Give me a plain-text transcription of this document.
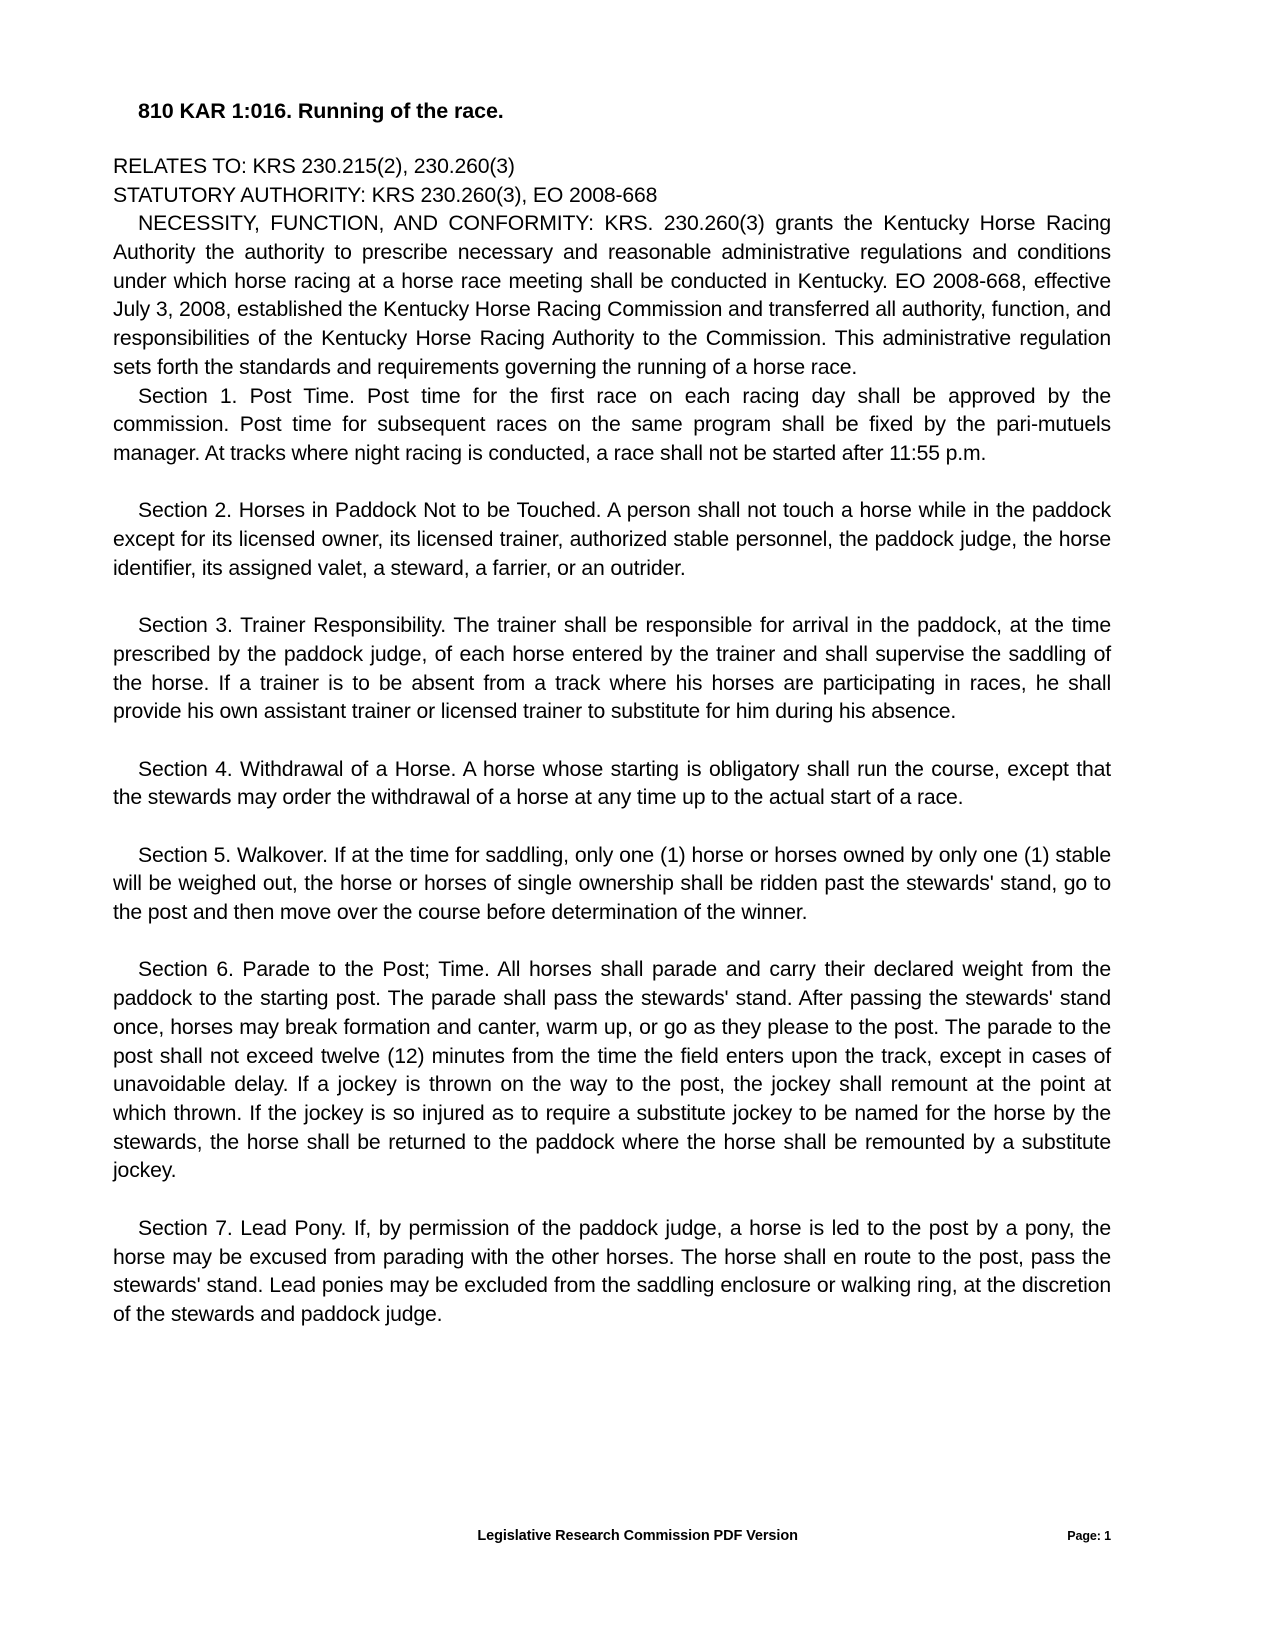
810 KAR 1:016. Running of the race.
RELATES TO: KRS 230.215(2), 230.260(3)
STATUTORY AUTHORITY: KRS 230.260(3), EO 2008-668
NECESSITY, FUNCTION, AND CONFORMITY: KRS. 230.260(3) grants the Kentucky Horse Racing Authority the authority to prescribe necessary and reasonable administrative regulations and conditions under which horse racing at a horse race meeting shall be conducted in Kentucky. EO 2008-668, effective July 3, 2008, established the Kentucky Horse Racing Commission and transferred all authority, function, and responsibilities of the Kentucky Horse Racing Authority to the Commission. This administrative regulation sets forth the standards and requirements governing the running of a horse race.

Section 1. Post Time. Post time for the first race on each racing day shall be approved by the commission. Post time for subsequent races on the same program shall be fixed by the pari-mutuels manager. At tracks where night racing is conducted, a race shall not be started after 11:55 p.m.

Section 2. Horses in Paddock Not to be Touched. A person shall not touch a horse while in the paddock except for its licensed owner, its licensed trainer, authorized stable personnel, the paddock judge, the horse identifier, its assigned valet, a steward, a farrier, or an outrider.

Section 3. Trainer Responsibility. The trainer shall be responsible for arrival in the paddock, at the time prescribed by the paddock judge, of each horse entered by the trainer and shall supervise the saddling of the horse. If a trainer is to be absent from a track where his horses are participating in races, he shall provide his own assistant trainer or licensed trainer to substitute for him during his absence.

Section 4. Withdrawal of a Horse. A horse whose starting is obligatory shall run the course, except that the stewards may order the withdrawal of a horse at any time up to the actual start of a race.

Section 5. Walkover. If at the time for saddling, only one (1) horse or horses owned by only one (1) stable will be weighed out, the horse or horses of single ownership shall be ridden past the stewards' stand, go to the post and then move over the course before determination of the winner.

Section 6. Parade to the Post; Time. All horses shall parade and carry their declared weight from the paddock to the starting post. The parade shall pass the stewards' stand. After passing the stewards' stand once, horses may break formation and canter, warm up, or go as they please to the post. The parade to the post shall not exceed twelve (12) minutes from the time the field enters upon the track, except in cases of unavoidable delay. If a jockey is thrown on the way to the post, the jockey shall remount at the point at which thrown. If the jockey is so injured as to require a substitute jockey to be named for the horse by the stewards, the horse shall be returned to the paddock where the horse shall be remounted by a substitute jockey.

Section 7. Lead Pony. If, by permission of the paddock judge, a horse is led to the post by a pony, the horse may be excused from parading with the other horses. The horse shall en route to the post, pass the stewards' stand. Lead ponies may be excluded from the saddling enclosure or walking ring, at the discretion of the stewards and paddock judge.

Legislative Research Commission PDF Version	Page: 1
